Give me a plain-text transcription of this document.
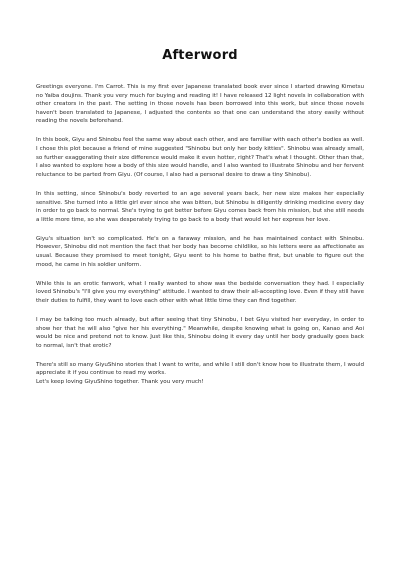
Afterword

Greetings everyone. I'm Carrot. This is my first ever Japanese translated book ever since I started drawing Kimetsu no Yaiba doujins. Thank you very much for buying and reading it! I have released 12 light novels in collaboration with other creators in the past. The setting in those novels has been borrowed into this work, but since those novels haven't been translated to Japanese, I adjusted the contents so that one can understand the story easily without reading the novels beforehand.

In this book, Giyu and Shinobu feel the same way about each other, and are familiar with each other's bodies as well. I chose this plot because a friend of mine suggested "Shinobu but only her body kitties". Shinobu was already small, so further exaggerating their size difference would make it even hotter, right? That's what I thought. Other than that, I also wanted to explore how a body of this size would handle, and I also wanted to illustrate Shinobu and her fervent reluctance to be parted from Giyu. (Of course, I also had a personal desire to draw a tiny Shinobu).

In this setting, since Shinobu's body reverted to an age several years back, her new size makes her especially sensitive. She turned into a little girl ever since she was bitten, but Shinobu is diligently drinking medicine every day in order to go back to normal. She's trying to get better before Giyu comes back from his mission, but she still needs a little more time, so she was desperately trying to go back to a body that would let her express her love.

Giyu's situation isn't so complicated. He's on a faraway mission, and he has maintained contact with Shinobu. However, Shinobu did not mention the fact that her body has become childlike, so his letters were as affectionate as usual. Because they promised to meet tonight, Giyu went to his home to bathe first, but unable to figure out the mood, he came in his soldier uniform.

While this is an erotic fanwork, what I really wanted to show was the bedside conversation they had. I especially loved Shinobu's "I'll give you my everything" attitude. I wanted to draw their all-accepting love. Even if they still have their duties to fulfill, they want to love each other with what little time they can find together.

I may be talking too much already, but after seeing that tiny Shinobu, I bet Giyu visited her everyday, in order to show her that he will also "give her his everything." Meanwhile, despite knowing what is going on, Kanao and Aoi would be nice and pretend not to know. Just like this, Shinobu doing it every day until her body gradually goes back to normal, isn't that erotic?

There's still so many GiyuShino stories that I want to write, and while I still don't know how to illustrate them, I would appreciate it if you continue to read my works.

Let's keep loving GiyuShino together. Thank you very much!
